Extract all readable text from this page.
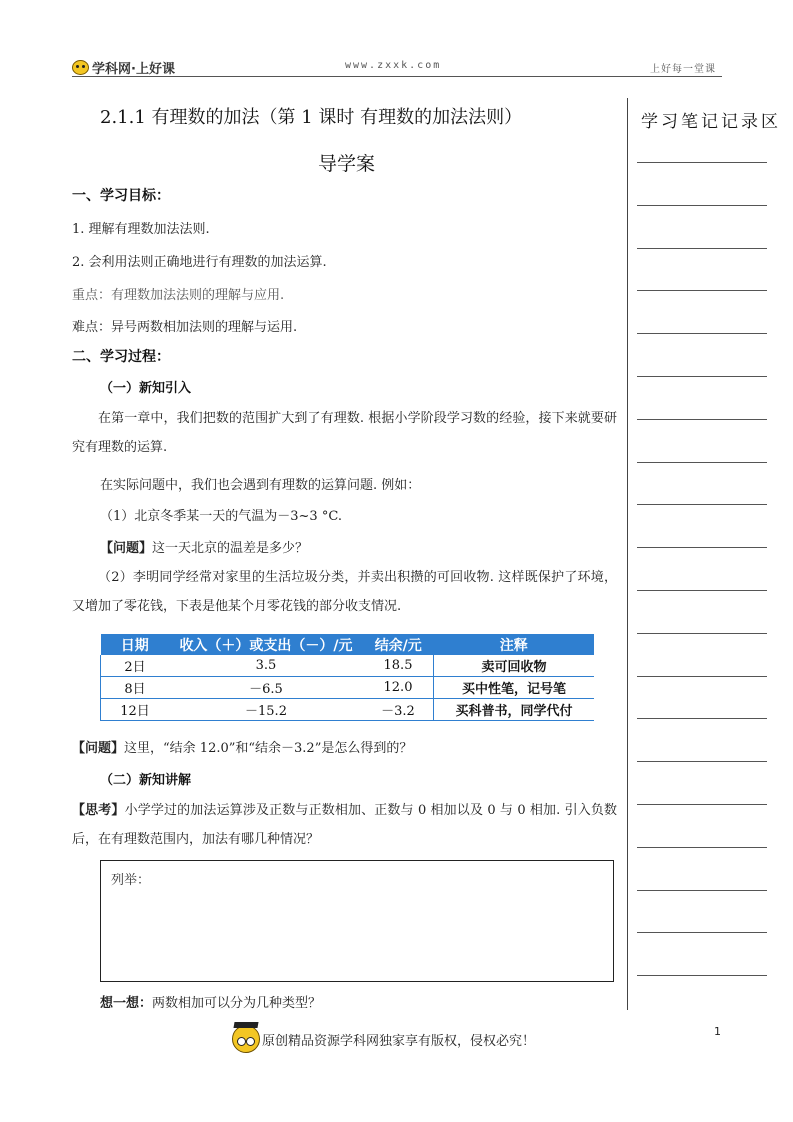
学科网·上好课	www.zxxk.com	上好每一堂课
学习笔记记录区
2.1.1 有理数的加法（第 1 课时 有理数的加法法则）
导学案
一、学习目标：
1. 理解有理数加法法则.
2. 会利用法则正确地进行有理数的加法运算.
重点：有理数加法法则的理解与应用.
难点：异号两数相加法则的理解与运用.
二、学习过程：
（一）新知引入
在第一章中，我们把数的范围扩大到了有理数. 根据小学阶段学习数的经验，接下来就要研究有理数的运算.
在实际问题中，我们也会遇到有理数的运算问题. 例如：
（1）北京冬季某一天的气温为－3~3 °C.
【问题】这一天北京的温差是多少？
（2）李明同学经常对家里的生活垃圾分类，并卖出积攒的可回收物. 这样既保护了环境，又增加了零花钱，下表是他某个月零花钱的部分收支情况.
日期	收入（＋）或支出（－）/元	结余/元	注释
2日	3.5	18.5	卖可回收物
8日	－6.5	12.0	买中性笔，记号笔
12日	－15.2	－3.2	买科普书，同学代付
【问题】这里，“结余 12.0”和“结余－3.2”是怎么得到的？
（二）新知讲解
【思考】小学学过的加法运算涉及正数与正数相加、正数与 0 相加以及 0 与 0 相加. 引入负数后，在有理数范围内，加法有哪几种情况？
列举：
想一想：两数相加可以分为几种类型？
原创精品资源学科网独家享有版权，侵权必究！
1
